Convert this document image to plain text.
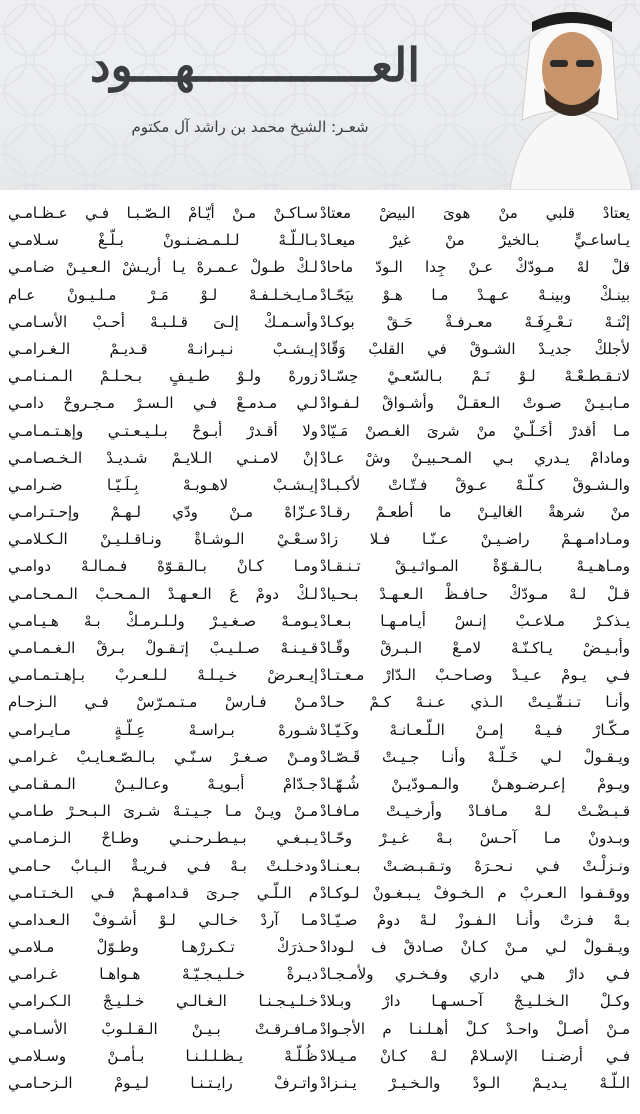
العـــــــــــــهـــود
شعـر: الشيخ محمد بن راشد آل مكتوم
يعتادْ قلبي منْ هوىَ البيضْ معتادْ
يـاساعـيٍّ بـالخيرْ منْ غيرْ ميعـادْ
قلْ لهْ مـودّكْ عـنْ جِدا الـودّ ماحادْ
بينـكْ وبينـهْ عـهـدْ مـا هـوْ بيَحّـادْ
إنْتـهْ تـعْـرِفَـهْ معـرفـةْ حَـقْ بوكـادْ
لأجلكْ جديـدْ الشـوقْ في القلبْ وَقّادْ
لاتـقـطـعْـهْ لـوْ نَـمْ بـالسّعـيْ حِسّـادْ
مـابـيـنْ صـوتْ الـعقـلْ وأشـواقْ لـفـوادْ
مـا أقدرْ أخَـلّـيْ منْ شرىَ الغـصنْ مَـيّادْ
ومادامْ يـدري بـي المـحـبيـنْ وشْ عـادْ
والـشـوقْ كـلّـهْ عـوقْ فـتّـاتْ لأكـبـادْ
منْ شرهةْ الغاليـنْ ما أطعـمْ رقـادْ
ومـادامـهـمْ راضـيـنْ عـنّـا فـلا زادْ
ومـاهـيـهْ بـالـقـوّةْ المـواثـيـقْ تـنـقـادْ
قـلْ لـهْ مـودّكْ حـافـظْ الـعـهـدْ بـحـيادْ
يـذكـرْ مـلاعـبْ إنـسْ أيـامـهـا بـعـادْ
وأبـيـضْ يـاكـنّـهْ لامـعْ الـبـرقْ وقّـادْ
فـي يـومْ عـيـدْ وصـاحـبْ الـدّارْ مـعـتـادْ
وأنـا تـنـقّـيـتْ الـذي عـنـهْ كـمْ حـادْ
مـكّـارْ فـيـهْ إمـنْ الـلّـعـانـهْ وكَـيّـادْ
ويـقـولْ لـي خَـلّـهْ وأنـا جـيـتْ قَـصّـادْ
ويـومْ إعـرضـوهـنْ والـمـودّيـنْ شُـهّـادْ
قـبـضْـتْ لـهْ مـافـادْ وأرخـيـتْ مـافـادْ
وبـدونْ مـا آحـسْ بـهْ غـيـرْ وحّـادْ
ونـزلْـتْ فـي نـحـرَهْ وتـقـبـضـتْ بـعـنـادْ
ووقـفـوا الـعـربْ م الـخـوفْ يـبـغـونْ لـوكـادْ
بـهْ فـزتْ وأنـا الـفـوزْ لـهْ دومْ صـيّـادْ
ويـقـولْ لـي مـنْ كـانْ صـادقْ ف لـودادْ
فـي دارْ هـي داري وفـخـري ولأمـجـادْ
وكـلْ الـخـلـيـجْ آحـسـهـا دارْ وبـلادْ
مـنْ أصـلْ واحـدْ كـلْ أهـلـنـا م الأجـوادْ
فـي أرضـنـا الإسـلامْ لـهْ كـانْ مـيـلادْ
الـلّـهْ يـديـمْ الـودْ والـخـيـرْ يـنـزادْ
سـاكـنْ مـنْ أيّـامْ الـصّـبـا فـي عـظـامـي
بـالـلّـهْ لـلـمـضـنـونْ بـلّـغْ سـلامـي
لـكْ طـولْ عـمـرهْ يـا أريـشْ الـعـيـنْ ضـامـي
مـايـخـلـفـهْ لـوْ مَـرْ مـلـيـونْ عـام
وأسـمـكْ إلـىَ قـلـبـهْ أحـبْ الأسـامـي
إيـشـبْ نـيـرانـهْ قـديـمْ الـغـرامـي
زورهْ ولـوْ طـيـفٍ بـحـلـمْ الـمـنـامـي
لـي مـدمـعْ فـي الـسـرْ مـجـروحْ دامـي
ولا أقـدرْ أبـوحْ بـلـيـعـتـي وإهـتـمـامـي
إنْ لامـنـي الـلايـمْ شـديـدْ الـخـصـامـي
إيـشـبْ لاهـوبـهْ بِـلَـيّـا ضـرامـي
عـزّاهْ مـنْ ودّي لـهـمْ وإحـتـرامـي
سـعْـيْ الـوشـاةْ ونـاقـلـيـنْ الـكـلامـي
ومـا كـانْ بـالـقـوّهْ فـمـالـهْ دوامـي
لـكْ دومْ عَ الـعـهـدْ الـمـحـبْ الـمـحـامـي
يـومـهْ صـغـيـرْ ولـلـرمـكْ بـهْ هـيـامـي
قـيـنـهْ صـلـيـبْ إتـقـولْ بـرقْ الـغـمـامـي
إيـعـرضْ خـيـلـهْ لـلـعـربْ بـإهـتـمـامـي
مـنْ فـارسْ مـتـمـرّسْ فـي الـزحـام
شـورهْ بـراسـهْ عِـلّـةٍ مـايـرامـي
ومـنْ صـغـرْ سـنّـي بـالـصّـعـايـبْ غـرامـي
جـدّامْ أبـويـهْ وعـالـيـنْ الـمـقـامـي
مـنْ ويـنْ مـا جـيـتـهْ شـرىَ الـبـحـرْ طـامـي
يـبـغـي بـيـطـرحـنـي وطـاحْ الـزمـامـي
ودخـلـتْ بـهْ فـي فـريـةْ الـبـابْ حـامـي
م الـلّـي جـرىَ قـدامـهـمْ فـي الـخـتـامـي
مـا آردْ خـالـي لـوْ أشـوفْ الـعـدامـي
حـذرَكْ تـكـررْهـا وطـوّلْ مـلامـي
ديـرةْ خـلـيـجـيّـهْ هـواهـا غـرامـي
خـلـيـجـنـا الـغـالـي خـلـيـجْ الـكـرامـي
مـافـرقـتْ بـيـنْ الـقـلـوبْ الأسـامـي
ظُـلّـهْ يـظـلـلـنـا بـأمـنْ وسـلامـي
واتـرفْ رايـتـنـا لـيـومْ الـزحـامـي
